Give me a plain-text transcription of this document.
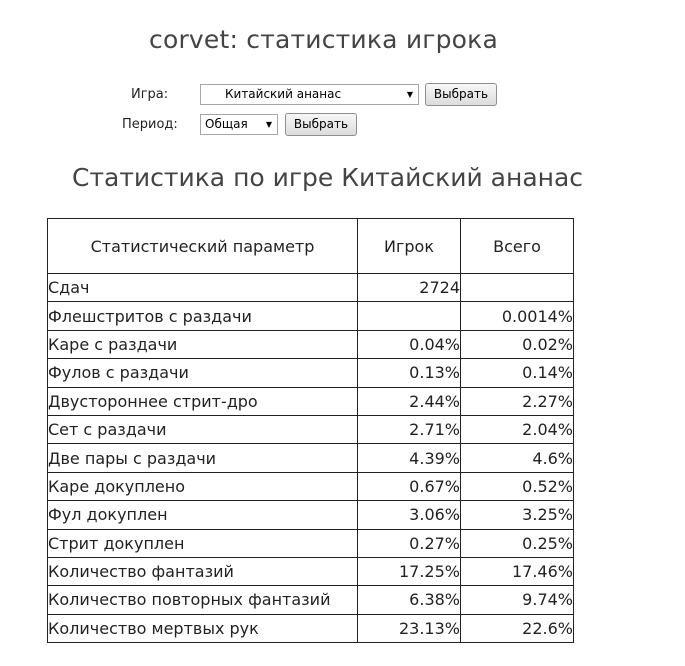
corvet: статистика игрока
Игра:	Китайский ананас	▼	Выбрать
Период:	Общая ▼	Выбрать
Статистика по игре Китайский ананас
Статистический параметр	Игрок	Всего
Сдач	2724	
Флешстритов с раздачи		0.0014%
Каре с раздачи	0.04%	0.02%
Фулов с раздачи	0.13%	0.14%
Двустороннее стрит-дро	2.44%	2.27%
Сет с раздачи	2.71%	2.04%
Две пары с раздачи	4.39%	4.6%
Каре докуплено	0.67%	0.52%
Фул докуплен	3.06%	3.25%
Стрит докуплен	0.27%	0.25%
Количество фантазий	17.25%	17.46%
Количество повторных фантазий	6.38%	9.74%
Количество мертвых рук	23.13%	22.6%
